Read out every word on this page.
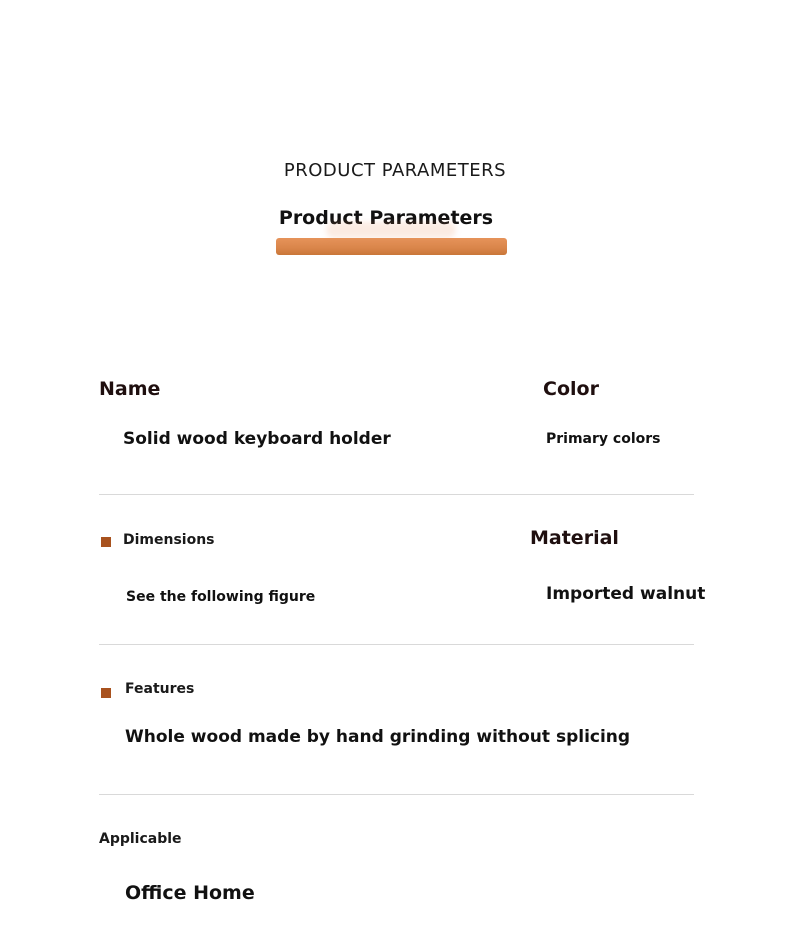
PRODUCT PARAMETERS
Product Parameters
Name
Solid wood keyboard holder
Color
Primary colors
Dimensions
See the following figure
Material
Imported walnut
Features
Whole wood made by hand grinding without splicing
Applicable
Office Home
